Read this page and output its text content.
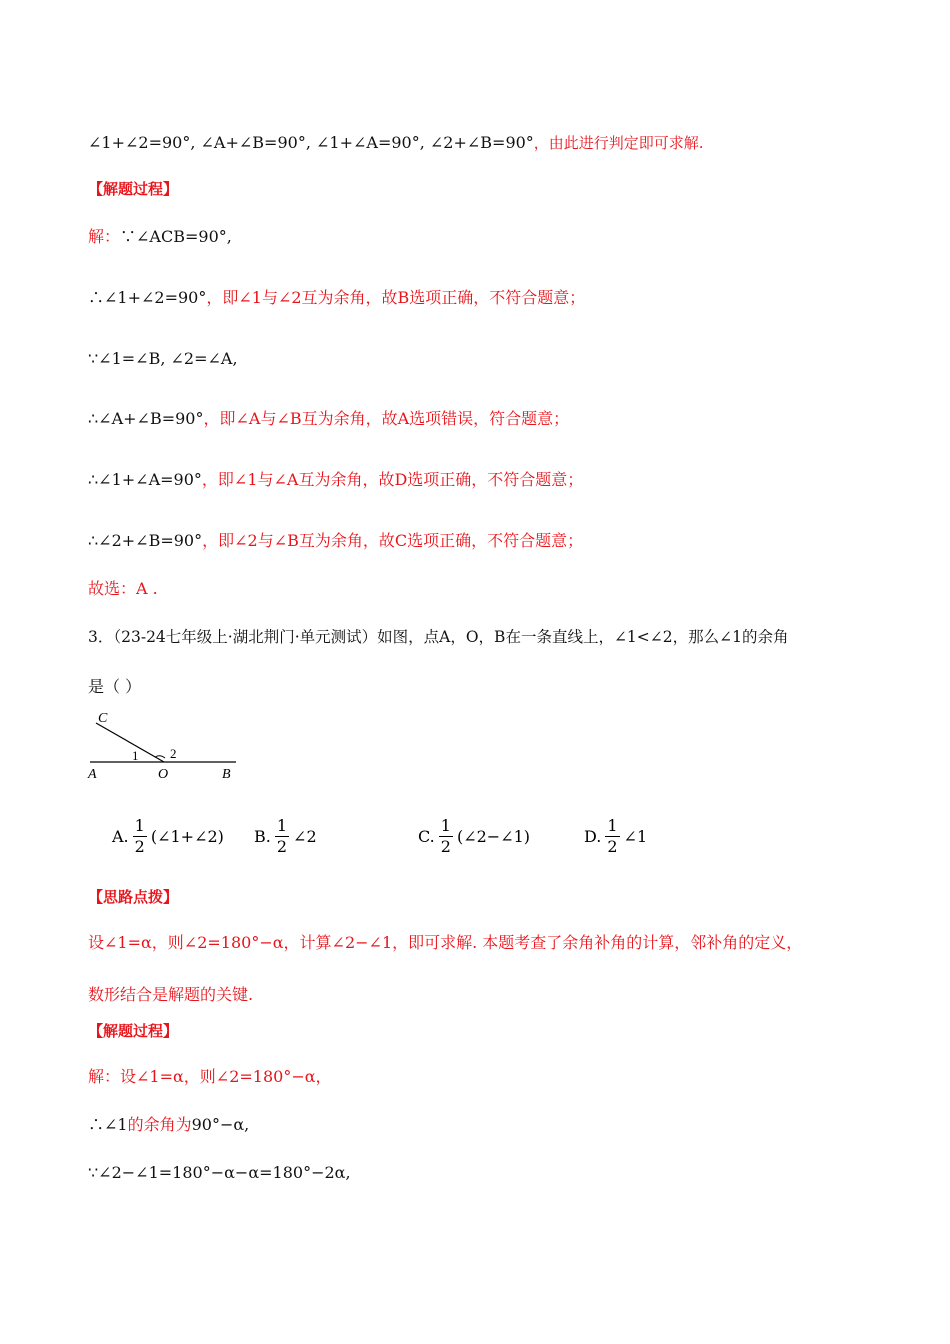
∠1+∠2=90°, ∠A+∠B=90°, ∠1+∠A=90°, ∠2+∠B=90°，由此进行判定即可求解.
【解题过程】
解：∵∠ACB=90°,
∴∠1+∠2=90°，即∠1与∠2互为余角，故B选项正确，不符合题意；
∵∠1=∠B, ∠2=∠A,
∴∠A+∠B=90°，即∠A与∠B互为余角，故A选项错误，符合题意；
∴∠1+∠A=90°，即∠1与∠A互为余角，故D选项正确，不符合题意；
∴∠2+∠B=90°，即∠2与∠B互为余角，故C选项正确，不符合题意；
故选：A .
3．（23-24七年级上·湖北荆门·单元测试）如图，点A，O，B在一条直线上，∠1<∠2，那么∠1的余角
是（ ）
C
A	O	B
1 2
A. $\frac{1}{2}$ (∠1+∠2) B. $\frac{1}{2}$ ∠2	C. $\frac{1}{2}$ (∠2−∠1)	D. $\frac{1}{2}$ ∠1
【思路点拨】
设∠1=α，则∠2=180°−α，计算∠2−∠1，即可求解. 本题考查了余角补角的计算，邻补角的定义，
数形结合是解题的关键.
【解题过程】
解：设∠1=α，则∠2=180°−α，
∴∠1的余角为90°−α,
∵∠2−∠1=180°−α−α=180°−2α,
